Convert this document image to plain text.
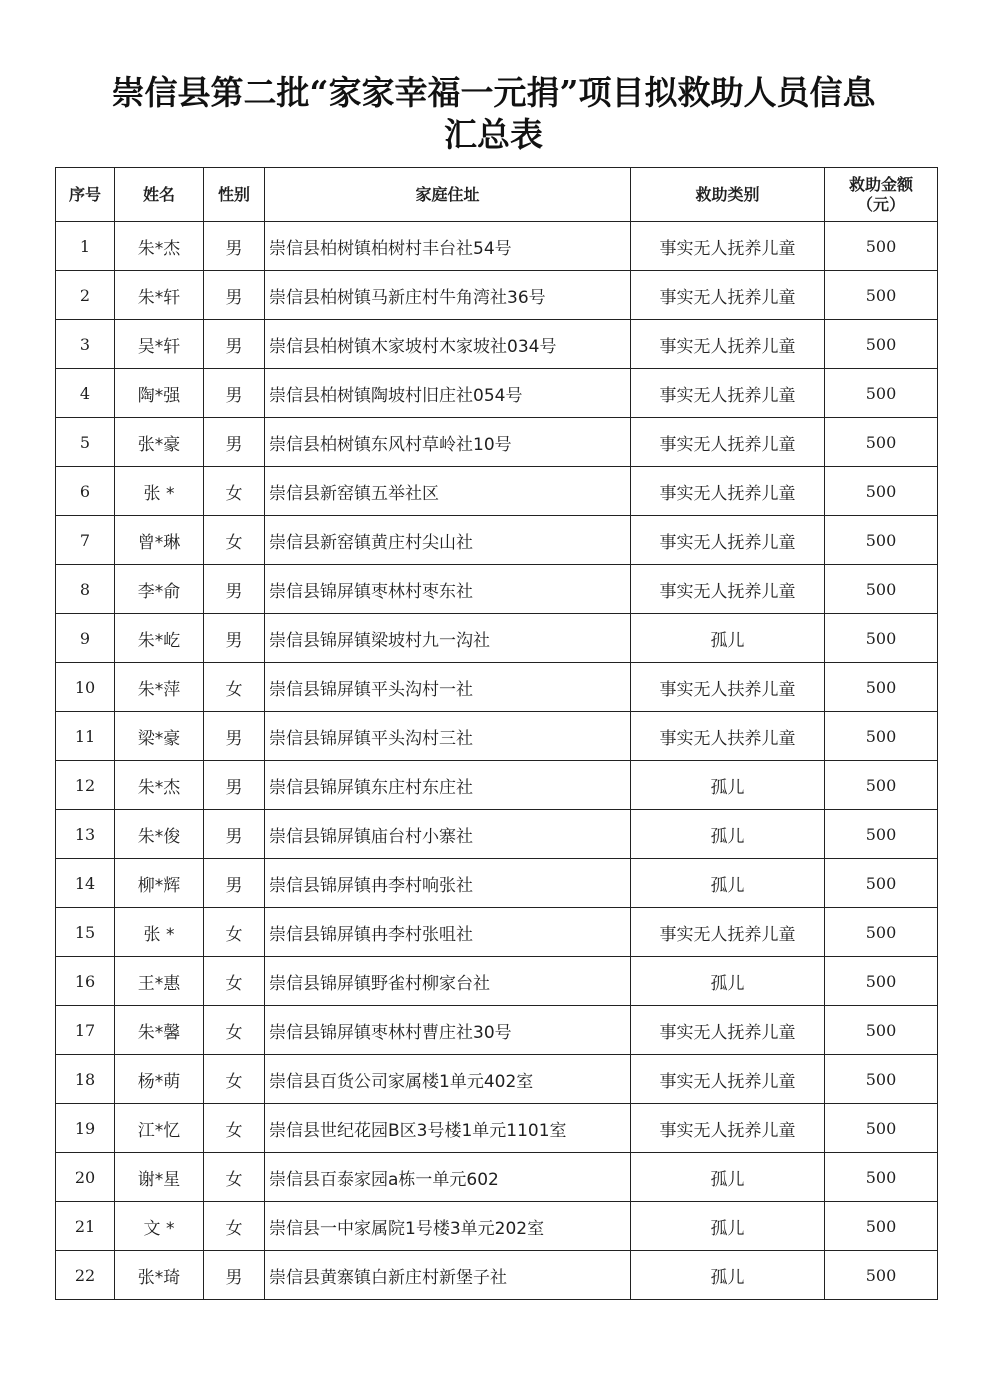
崇信县第二批“家家幸福一元捐”项目拟救助人员信息
汇总表
序号	姓名	性别	家庭住址	救助类别	救助金额
（元）

1	朱*杰	男	崇信县柏树镇柏树村丰台社54号	事实无人抚养儿童	500
2	朱*轩	男	崇信县柏树镇马新庄村牛角湾社36号	事实无人抚养儿童	500
3	吴*轩	男	崇信县柏树镇木家坡村木家坡社034号	事实无人抚养儿童	500
4	陶*强	男	崇信县柏树镇陶坡村旧庄社054号	事实无人抚养儿童	500
5	张*豪	男	崇信县柏树镇东风村草岭社10号	事实无人抚养儿童	500
6	张 *	女	崇信县新窑镇五举社区	事实无人抚养儿童	500
7	曾*琳	女	崇信县新窑镇黄庄村尖山社	事实无人抚养儿童	500
8	李*俞	男	崇信县锦屏镇枣林村枣东社	事实无人抚养儿童	500
9	朱*屹	男	崇信县锦屏镇梁坡村九一沟社	孤儿	500
10	朱*萍	女	崇信县锦屏镇平头沟村一社	事实无人扶养儿童	500
11	梁*豪	男	崇信县锦屏镇平头沟村三社	事实无人扶养儿童	500
12	朱*杰	男	崇信县锦屏镇东庄村东庄社	孤儿	500
13	朱*俊	男	崇信县锦屏镇庙台村小寨社	孤儿	500
14	柳*辉	男	崇信县锦屏镇冉李村响张社	孤儿	500
15	张 *	女	崇信县锦屏镇冉李村张咀社	事实无人抚养儿童	500
16	王*惠	女	崇信县锦屏镇野雀村柳家台社	孤儿	500
17	朱*馨	女	崇信县锦屏镇枣林村曹庄社30号	事实无人抚养儿童	500
18	杨*萌	女	崇信县百货公司家属楼1单元402室	事实无人抚养儿童	500
19	江*忆	女	崇信县世纪花园B区3号楼1单元1101室	事实无人抚养儿童	500
20	谢*星	女	崇信县百泰家园a栋一单元602	孤儿	500
21	文 *	女	崇信县一中家属院1号楼3单元202室	孤儿	500
22	张*琦	男	崇信县黄寨镇白新庄村新堡子社	孤儿	500
